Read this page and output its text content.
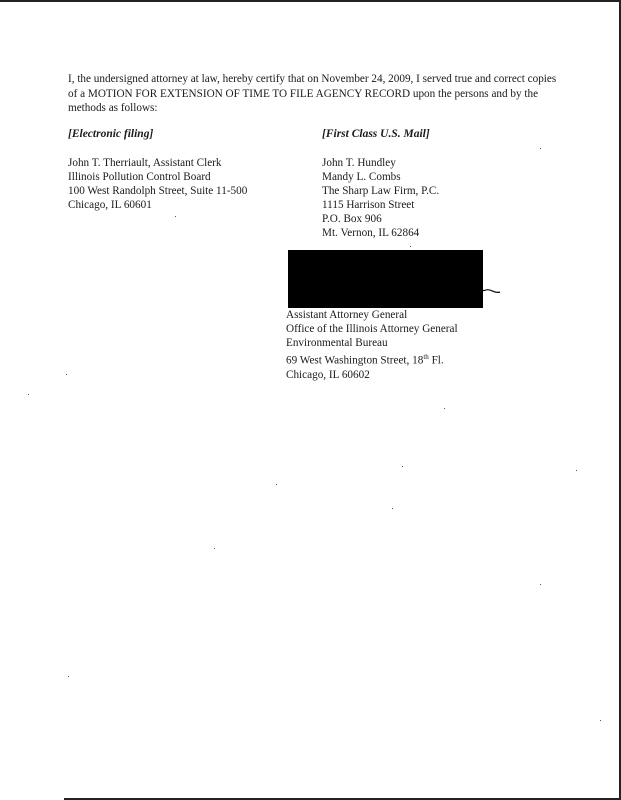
I, the undersigned attorney at law, hereby certify that on November 24, 2009, I served true and correct copies of a MOTION FOR EXTENSION OF TIME TO FILE AGENCY RECORD upon the persons and by the methods as follows:

[Electronic filing]	[First Class U.S. Mail]

John T. Therriault, Assistant Clerk
Illinois Pollution Control Board
100 West Randolph Street, Suite 11-500
Chicago, IL 60601
John T. Hundley
Mandy L. Combs
The Sharp Law Firm, P.C.
1115 Harrison Street
P.O. Box 906
Mt. Vernon, IL 62864
Assistant Attorney General
Office of the Illinois Attorney General
Environmental Bureau
69 West Washington Street, 18th Fl.
Chicago, IL 60602
